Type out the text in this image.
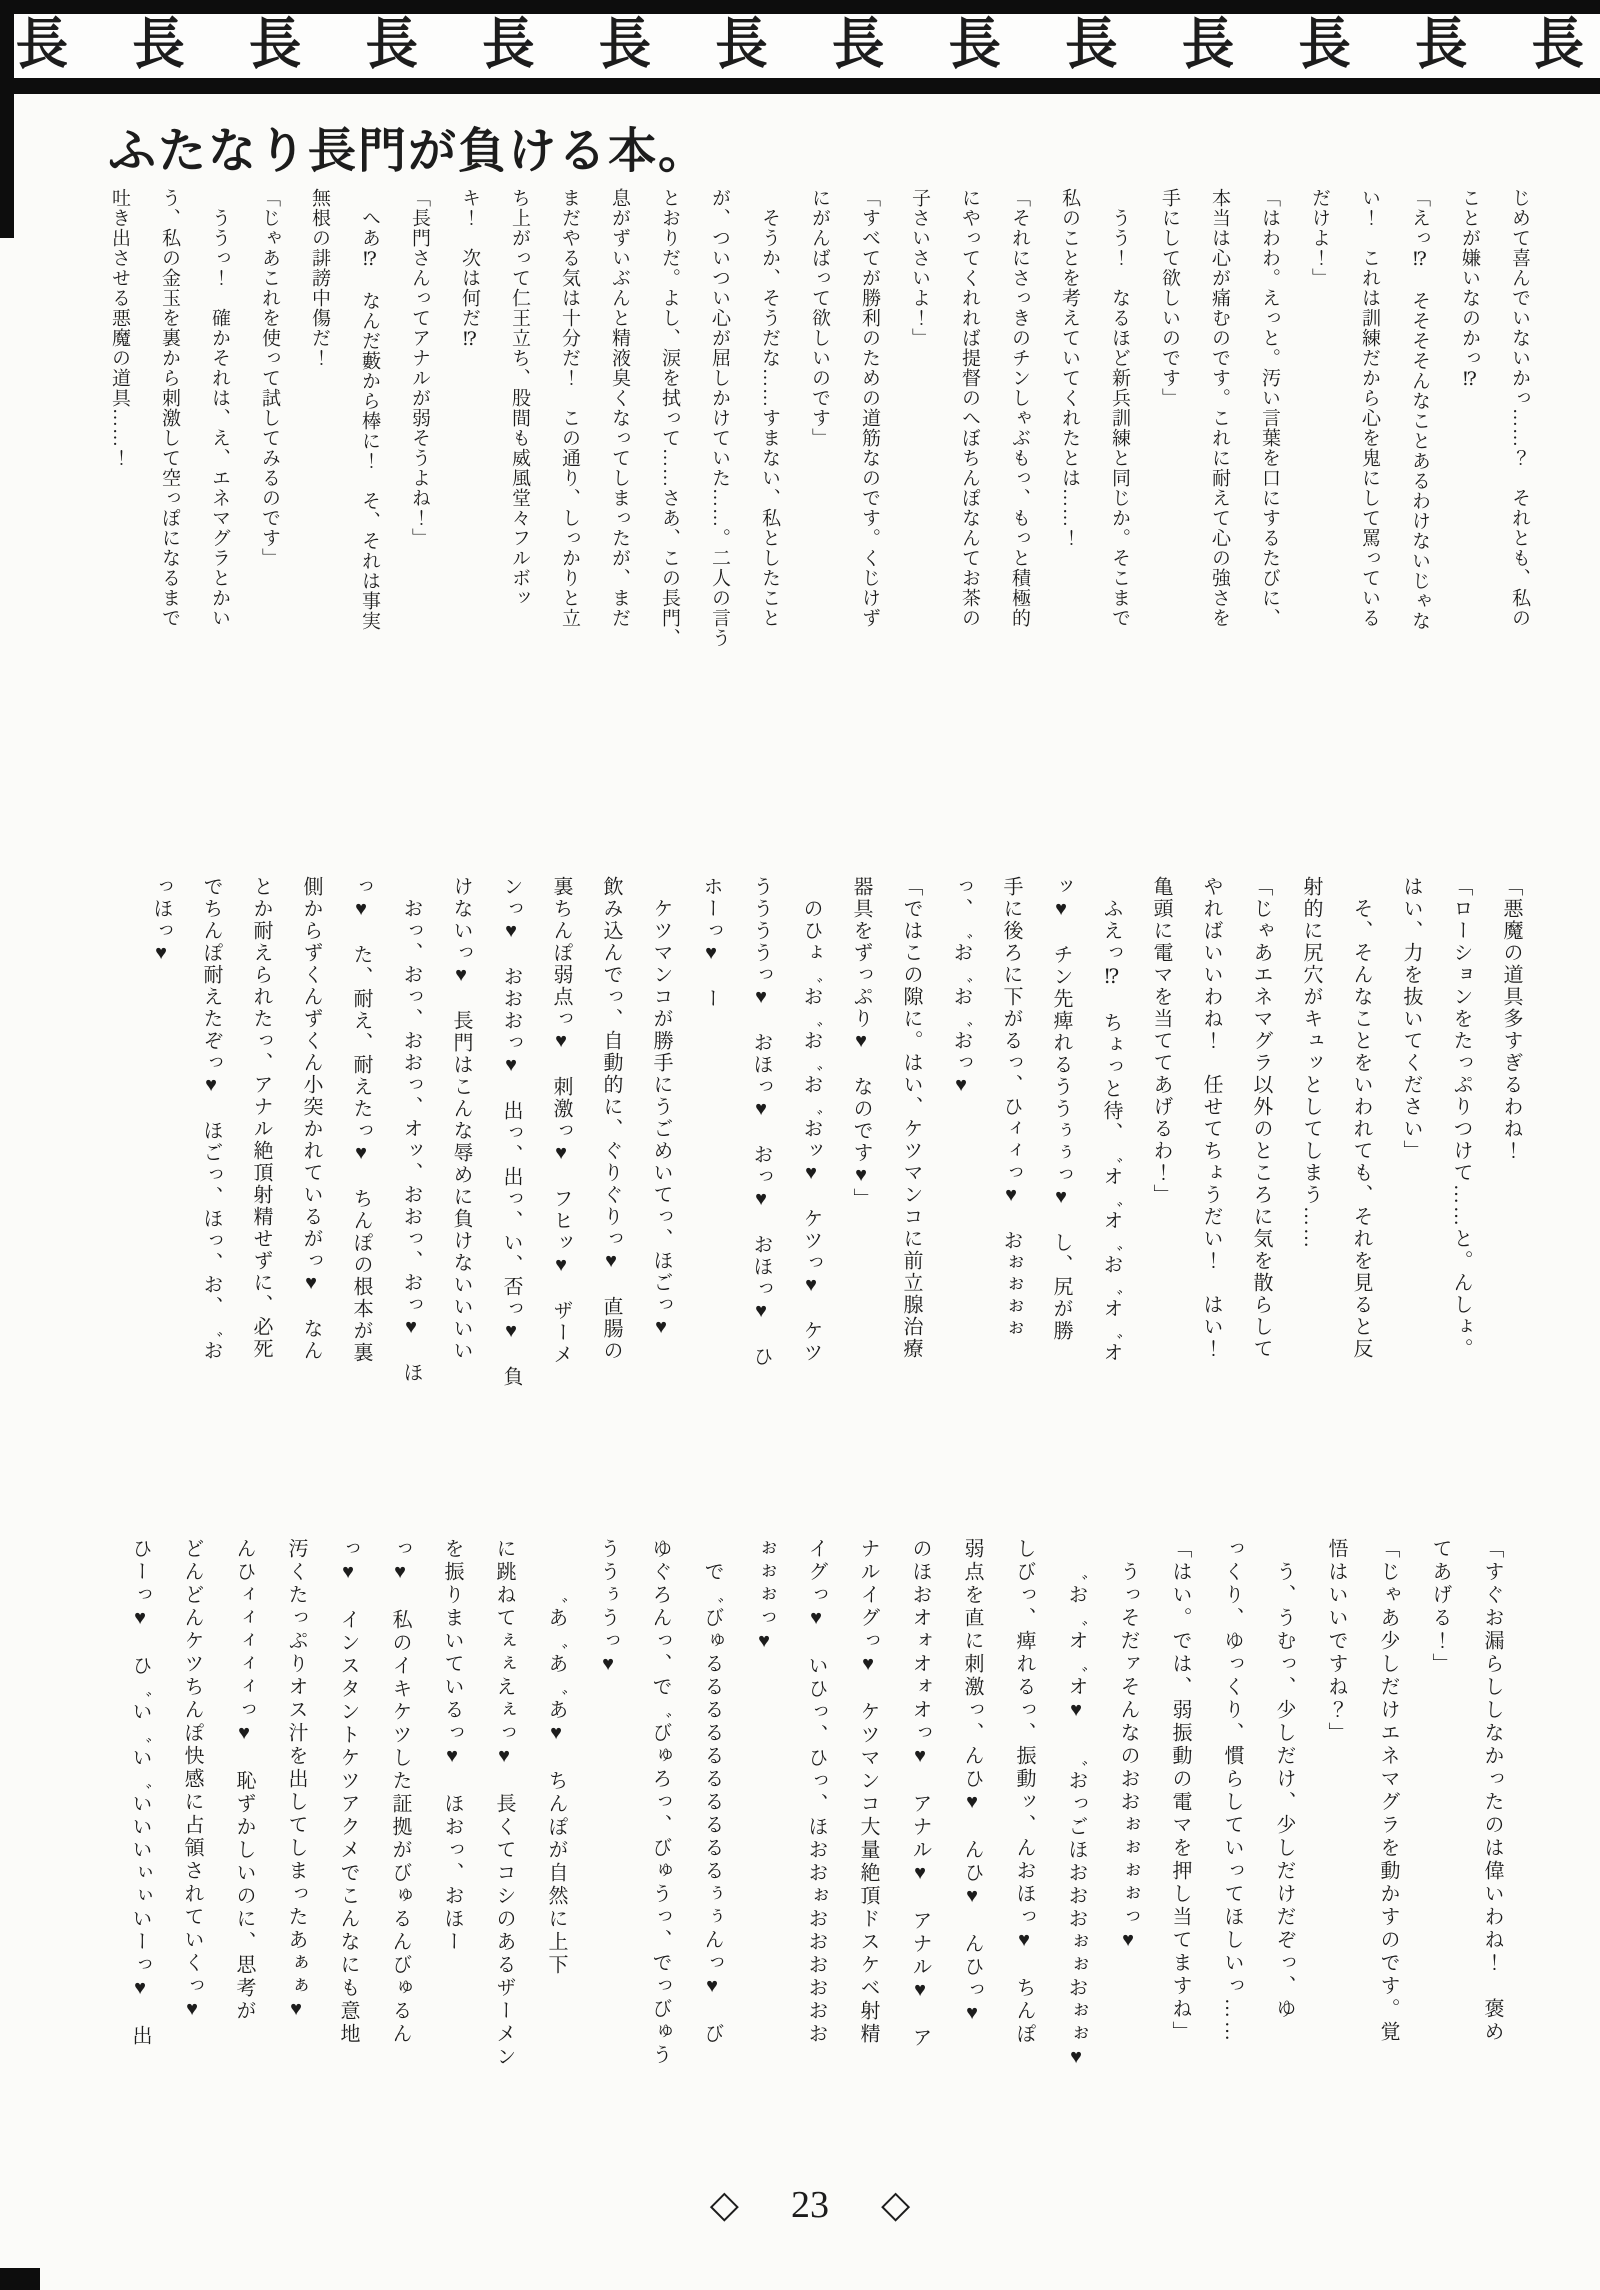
長 長 長 長 長 長 長 長 長 長 長 長 長 長
ふたなり長門が負ける本。

じめて喜んでいないかっ……？　それとも、私の

ことが嫌いなのかっ⁉

「えっ⁉　そそそそんなことあるわけないじゃな

い！　これは訓練だから心を鬼にして罵っている

だけよ！」

「はわわ。えっと。汚い言葉を口にするたびに、

本当は心が痛むのです。これに耐えて心の強さを

手にして欲しいのです」

　うう！　なるほど新兵訓練と同じか。そこまで

私のことを考えていてくれたとは……！

「それにさっきのチンしゃぶもっ、もっと積極的

にやってくれれば提督のへぼちんぽなんてお茶の

子さいさいよ！」

「すべてが勝利のための道筋なのです。くじけず

にがんばって欲しいのです」

　そうか、そうだな……すまない、私としたこと

が、ついつい心が屈しかけていた……。二人の言う

とおりだ。よし、涙を拭って……さあ、この長門、

息がずいぶんと精液臭くなってしまったが、まだ

まだやる気は十分だ！　この通り、しっかりと立

ち上がって仁王立ち、股間も威風堂々フルボッ

キ！　次は何だ⁉

「長門さんってアナルが弱そうよね！」

　へあ⁉　なんだ藪から棒に！　そ、それは事実

無根の誹謗中傷だ！

「じゃあこれを使って試してみるのです」

　ううっ！　確かそれは、え、エネマグラとかい

う、私の金玉を裏から刺激して空っぽになるまで

吐き出させる悪魔の道具……！

「悪魔の道具多すぎるわね！

「ローションをたっぷりつけて……と。んしょ。

はい、力を抜いてください」

　そ、そんなことをいわれても、それを見ると反

射的に尻穴がキュッとしてしまう……

「じゃあエネマグラ以外のところに気を散らして

やればいいわね！　任せてちょうだい！　はい！

亀頭に電マを当ててあげるわ！」

　ふえっ⁉　ちょっと待、゛オ゛オ゛お゛オ゛オ

ッ♥　チン先痺れるううぅぅっ♥　し、尻が勝

手に後ろに下がるっ、ひィィっ♥　おぉぉぉぉ

っ、゛お゛お゛おっ♥

「ではこの隙に。はい、ケツマンコに前立腺治療

器具をずっぷり♥　なのです♥」

　のひょ゛お゛お゛お゛おッ♥　ケツっ♥　ケツ

ううううっ♥　おほっ♥　おっ♥　おほっ♥　ひ

ホーっ♥　ー

　ケツマンコが勝手にうごめいてっ、ほごっ♥

飲み込んでっ、自動的に、ぐりぐりっ♥　直腸の

裏ちんぽ弱点っ♥　刺激っ♥　フヒッ♥　ザーメ

ンっ♥　おおおっ♥　出っ、出っ、い、否っ♥　負

けないっ♥　長門はこんな辱めに負けないいいい

　おっ、おっ、おおっ、オッ、おおっ、おっ♥　ほ

っ♥　た、耐え、耐えたっ♥　ちんぽの根本が裏

側からずくんずくん小突かれているがっ♥　なん

とか耐えられたっ、アナル絶頂射精せずに、必死

でちんぽ耐えたぞっ♥　ほごっ、ほっ、お、゛お

っほっ♥

「すぐお漏らししなかったのは偉いわね！　褒め

てあげる！」

「じゃあ少しだけエネマグラを動かすのです。覚

悟はいいですね？」

　う、うむっ、少しだけ、少しだけだぞっ、ゆ

っくり、ゆっくり、慣らしていってほしいっ……

「はい。では、弱振動の電マを押し当てますね」

　うっそだァそんなのおおぉぉぉぉっ♥

　゛お゛オ゛オ♥　゛おっごほおおおぉぉおぉぉ♥

しびっ、痺れるっ、振動ッ、んおほっ♥　ちんぽ

弱点を直に刺激っ、んひ♥　んひ♥　んひっ♥

のほおオォオォオっ♥　アナル♥　アナル♥　ア

ナルイグっ♥　ケツマンコ大量絶頂ドスケベ射精

イグっ♥　いひっ、ひっ、ほおおぉおおおおおお

ぉぉぉっ♥

　で゛びゅるるるるるるるるるるぅぅんっ♥　び

ゆぐろんっ、で゛びゅろっ、びゅうっ、でっびゅう

ううぅうっ♥

　　゛あ゛あ゛あ♥　ちんぽが自然に上下

に跳ねてぇぇえぇっ♥　長くてコシのあるザーメン

を振りまいているっ♥　ほおっ、おほー

っ♥　私のイキケツした証拠がびゅるんびゅるん

っ♥　インスタントケツアクメでこんなにも意地

汚くたっぷりオス汁を出してしまったあぁぁ♥

んひィィィィィっ♥　恥ずかしいのに、思考が

どんどんケツちんぽ快感に占領されていくっ♥

ひーっ♥　ひ゛い゛い゛いいいぃぃいーっ♥　出

◇ 23 ◇
